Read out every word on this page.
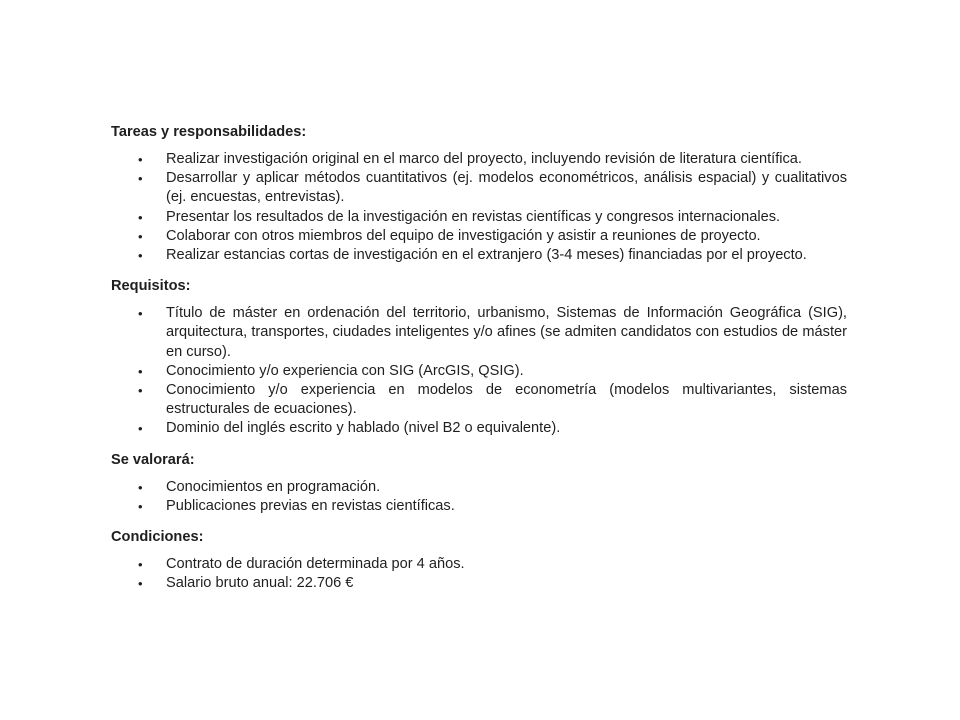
Tareas y responsabilidades:

• Realizar investigación original en el marco del proyecto, incluyendo revisión de literatura científica.
• Desarrollar y aplicar métodos cuantitativos (ej. modelos econométricos, análisis espacial) y cualitativos (ej. encuestas, entrevistas).
• Presentar los resultados de la investigación en revistas científicas y congresos internacionales.
• Colaborar con otros miembros del equipo de investigación y asistir a reuniones de proyecto.
• Realizar estancias cortas de investigación en el extranjero (3-4 meses) financiadas por el proyecto.

Requisitos:

• Título de máster en ordenación del territorio, urbanismo, Sistemas de Información Geográfica (SIG), arquitectura, transportes, ciudades inteligentes y/o afines (se admiten candidatos con estudios de máster en curso).
• Conocimiento y/o experiencia con SIG (ArcGIS, QSIG).
• Conocimiento y/o experiencia en modelos de econometría (modelos multivariantes, sistemas estructurales de ecuaciones).
• Dominio del inglés escrito y hablado (nivel B2 o equivalente).

Se valorará:

• Conocimientos en programación.
• Publicaciones previas en revistas científicas.

Condiciones:

• Contrato de duración determinada por 4 años.
• Salario bruto anual: 22.706 €
